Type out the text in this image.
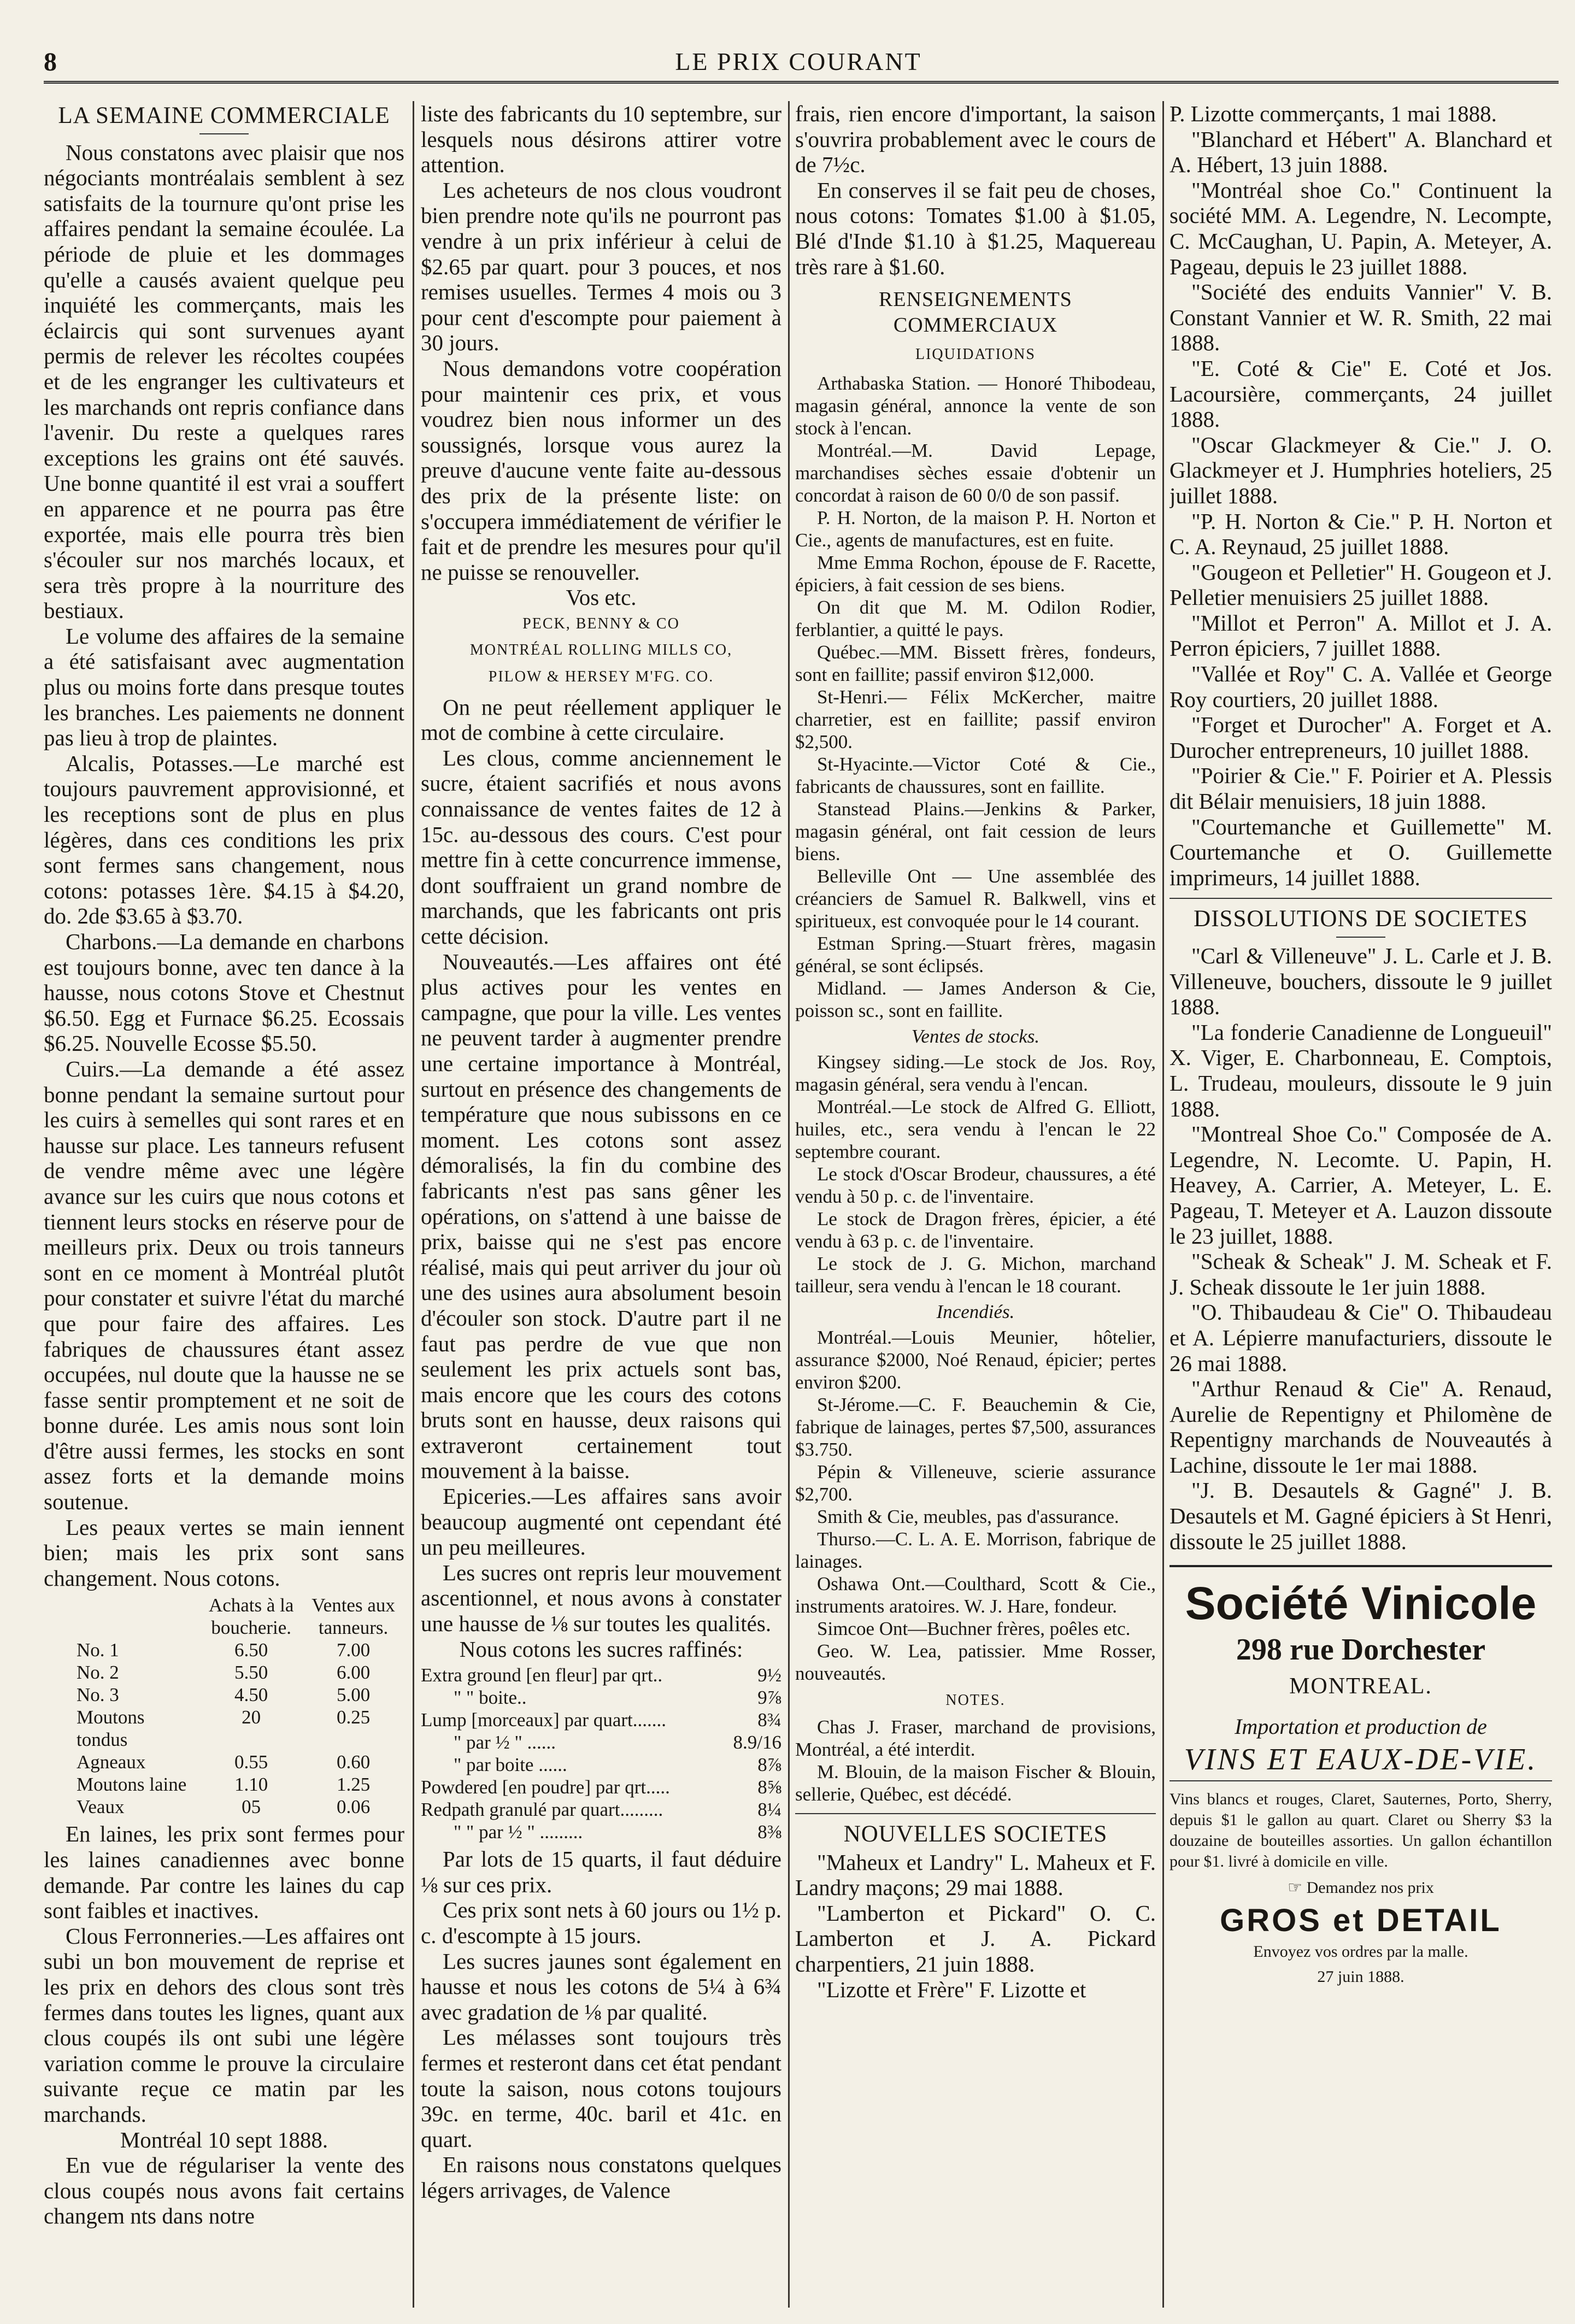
8	LE PRIX COURANT

LA SEMAINE COMMERCIALE

Nous constatons avec plaisir que nos négociants montréalais semblent à sez satisfaits de la tournure qu'ont prise les affaires pendant la semaine écoulée. La période de pluie et les dommages qu'elle a causés avaient quelque peu inquiété les commerçants, mais les éclaircis qui sont survenues ayant permis de relever les récoltes coupées et de les engranger les cultivateurs et les marchands ont repris confiance dans l'avenir. Du reste a quelques rares exceptions les grains ont été sauvés. Une bonne quantité il est vrai a souffert en apparence et ne pourra pas être exportée, mais elle pourra très bien s'écouler sur nos marchés locaux, et sera très propre à la nourriture des bestiaux.

Le volume des affaires de la semaine a été satisfaisant avec augmentation plus ou moins forte dans presque toutes les branches. Les paiements ne donnent pas lieu à trop de plaintes.

Alcalis, Potasses.—Le marché est toujours pauvrement approvisionné, et les receptions sont de plus en plus légères, dans ces conditions les prix sont fermes sans changement, nous cotons: potasses 1ère. $4.15 à $4.20, do. 2de $3.65 à $3.70.

Charbons.—La demande en charbons est toujours bonne, avec ten dance à la hausse, nous cotons Stove et Chestnut $6.50. Egg et Furnace $6.25. Ecossais $6.25. Nouvelle Ecosse $5.50.

Cuirs.—La demande a été assez bonne pendant la semaine surtout pour les cuirs à semelles qui sont rares et en hausse sur place. Les tanneurs refusent de vendre même avec une légère avance sur les cuirs que nous cotons et tiennent leurs stocks en réserve pour de meilleurs prix. Deux ou trois tanneurs sont en ce moment à Montréal plutôt pour constater et suivre l'état du marché que pour faire des affaires. Les fabriques de chaussures étant assez occupées, nul doute que la hausse ne se fasse sentir promptement et ne soit de bonne durée. Les amis nous sont loin d'être aussi fermes, les stocks en sont assez forts et la demande moins soutenue.

Les peaux vertes se main iennent bien; mais les prix sont sans changement. Nous cotons.

Achats à la boucherie.
Ventes aux tanneurs.
No. 1	6.50	7.00
No. 2	5.50	6.00
No. 3	4.50	5.00
Moutons tondus
20	0.25
Agneaux	0.55	0.60
Moutons laine	1.10	1.25
Veaux	05	0.06

En laines, les prix sont fermes pour les laines canadiennes avec bonne demande. Par contre les laines du cap sont faibles et inactives.

Clous Ferronneries.—Les affaires ont subi un bon mouvement de reprise et les prix en dehors des clous sont très fermes dans toutes les lignes, quant aux clous coupés ils ont subi une légère variation comme le prouve la circulaire suivante reçue ce matin par les marchands.

Montréal 10 sept 1888.

En vue de régulariser la vente des clous coupés nous avons fait certains changem nts dans notre

liste des fabricants du 10 septembre, sur lesquels nous désirons attirer votre attention.

Les acheteurs de nos clous voudront bien prendre note qu'ils ne pourront pas vendre à un prix inférieur à celui de $2.65 par quart. pour 3 pouces, et nos remises usuelles. Termes 4 mois ou 3 pour cent d'escompte pour paiement à 30 jours.

Nous demandons votre coopération pour maintenir ces prix, et vous voudrez bien nous informer un des soussignés, lorsque vous aurez la preuve d'aucune vente faite au-dessous des prix de la présente liste: on s'occupera immédiatement de vérifier le fait et de prendre les mesures pour qu'il ne puisse se renouveller.

Vos etc.

PECK, BENNY & CO

MONTRÉAL ROLLING MILLS CO,

PILOW & HERSEY M'FG. CO.

On ne peut réellement appliquer le mot de combine à cette circulaire.

Les clous, comme anciennement le sucre, étaient sacrifiés et nous avons connaissance de ventes faites de 12 à 15c. au-dessous des cours. C'est pour mettre fin à cette concurrence immense, dont souffraient un grand nombre de marchands, que les fabricants ont pris cette décision.

Nouveautés.—Les affaires ont été plus actives pour les ventes en campagne, que pour la ville. Les ventes ne peuvent tarder à augmenter prendre une certaine importance à Montréal, surtout en présence des changements de température que nous subissons en ce moment. Les cotons sont assez démoralisés, la fin du combine des fabricants n'est pas sans gêner les opérations, on s'attend à une baisse de prix, baisse qui ne s'est pas encore réalisé, mais qui peut arriver du jour où une des usines aura absolument besoin d'écouler son stock. D'autre part il ne faut pas perdre de vue que non seulement les prix actuels sont bas, mais encore que les cours des cotons bruts sont en hausse, deux raisons qui extraveront certainement tout mouvement à la baisse.

Epiceries.—Les affaires sans avoir beaucoup augmenté ont cependant été un peu meilleures.

Les sucres ont repris leur mouvement ascentionnel, et nous avons à constater une hausse de ⅛ sur toutes les qualités.

Nous cotons les sucres raffinés:

Extra ground [en fleur] par qrt..	9½
" " boite..	9⅞
Lump [morceaux] par quart.......	8¾
" par ½ " ......	8.9/16
" par boite ......	8⅞
Powdered [en poudre] par qrt.....	8⅝
Redpath granulé par quart.........	8¼
" " par ½ " .........	8⅜

Par lots de 15 quarts, il faut déduire ⅛ sur ces prix.

Ces prix sont nets à 60 jours ou 1½ p. c. d'escompte à 15 jours.

Les sucres jaunes sont également en hausse et nous les cotons de 5¼ à 6¾ avec gradation de ⅛ par qualité.

Les mélasses sont toujours très fermes et resteront dans cet état pendant toute la saison, nous cotons toujours 39c. en terme, 40c. baril et 41c. en quart.

En raisons nous constatons quelques légers arrivages, de Valence

frais, rien encore d'important, la saison s'ouvrira probablement avec le cours de de 7½c.

En conserves il se fait peu de choses, nous cotons: Tomates $1.00 à $1.05, Blé d'Inde $1.10 à $1.25, Maquereau très rare à $1.60.

RENSEIGNEMENTS COMMERCIAUX

LIQUIDATIONS

Arthabaska Station. — Honoré Thibodeau, magasin général, annonce la vente de son stock à l'encan.

Montréal.—M. David Lepage, marchandises sèches essaie d'obtenir un concordat à raison de 60 0/0 de son passif.

P. H. Norton, de la maison P. H. Norton et Cie., agents de manufactures, est en fuite.

Mme Emma Rochon, épouse de F. Racette, épiciers, à fait cession de ses biens.

On dit que M. M. Odilon Rodier, ferblantier, a quitté le pays.

Québec.—MM. Bissett frères, fondeurs, sont en faillite; passif environ $12,000.

St-Henri.— Félix McKercher, maitre charretier, est en faillite; passif environ $2,500.

St-Hyacinte.—Victor Coté & Cie., fabricants de chaussures, sont en faillite.

Stanstead Plains.—Jenkins & Parker, magasin général, ont fait cession de leurs biens.

Belleville Ont — Une assemblée des créanciers de Samuel R. Balkwell, vins et spiritueux, est convoquée pour le 14 courant.

Estman Spring.—Stuart frères, magasin général, se sont éclipsés.

Midland. — James Anderson & Cie, poisson sc., sont en faillite.

Ventes de stocks.

Kingsey siding.—Le stock de Jos. Roy, magasin général, sera vendu à l'encan.

Montréal.—Le stock de Alfred G. Elliott, huiles, etc., sera vendu à l'encan le 22 septembre courant.

Le stock d'Oscar Brodeur, chaussures, a été vendu à 50 p. c. de l'inventaire.

Le stock de Dragon frères, épicier, a été vendu à 63 p. c. de l'inventaire.

Le stock de J. G. Michon, marchand tailleur, sera vendu à l'encan le 18 courant.

Incendiés.

Montréal.—Louis Meunier, hôtelier, assurance $2000, Noé Renaud, épicier; pertes environ $200.

St-Jérome.—C. F. Beauchemin & Cie, fabrique de lainages, pertes $7,500, assurances $3.750.

Pépin & Villeneuve, scierie assurance $2,700.

Smith & Cie, meubles, pas d'assurance.

Thurso.—C. L. A. E. Morrison, fabrique de lainages.

Oshawa Ont.—Coulthard, Scott & Cie., instruments aratoires. W. J. Hare, fondeur.

Simcoe Ont—Buchner frères, poêles etc.

Geo. W. Lea, patissier. Mme Rosser, nouveautés.

NOTES.

Chas J. Fraser, marchand de provisions, Montréal, a été interdit.

M. Blouin, de la maison Fischer & Blouin, sellerie, Québec, est décédé.

NOUVELLES SOCIETES

"Maheux et Landry" L. Maheux et F. Landry maçons; 29 mai 1888.

"Lamberton et Pickard" O. C. Lamberton et J. A. Pickard charpentiers, 21 juin 1888.

"Lizotte et Frère" F. Lizotte et

P. Lizotte commerçants, 1 mai 1888.

"Blanchard et Hébert" A. Blanchard et A. Hébert, 13 juin 1888.

"Montréal shoe Co." Continuent la société MM. A. Legendre, N. Lecompte, C. McCaughan, U. Papin, A. Meteyer, A. Pageau, depuis le 23 juillet 1888.

"Société des enduits Vannier" V. B. Constant Vannier et W. R. Smith, 22 mai 1888.

"E. Coté & Cie" E. Coté et Jos. Lacoursière, commerçants, 24 juillet 1888.

"Oscar Glackmeyer & Cie." J. O. Glackmeyer et J. Humphries hoteliers, 25 juillet 1888.

"P. H. Norton & Cie." P. H. Norton et C. A. Reynaud, 25 juillet 1888.

"Gougeon et Pelletier" H. Gougeon et J. Pelletier menuisiers 25 juillet 1888.

"Millot et Perron" A. Millot et J. A. Perron épiciers, 7 juillet 1888.

"Vallée et Roy" C. A. Vallée et George Roy courtiers, 20 juillet 1888.

"Forget et Durocher" A. Forget et A. Durocher entrepreneurs, 10 juillet 1888.

"Poirier & Cie." F. Poirier et A. Plessis dit Bélair menuisiers, 18 juin 1888.

"Courtemanche et Guillemette" M. Courtemanche et O. Guillemette imprimeurs, 14 juillet 1888.

DISSOLUTIONS DE SOCIETES

"Carl & Villeneuve" J. L. Carle et J. B. Villeneuve, bouchers, dissoute le 9 juillet 1888.

"La fonderie Canadienne de Longueuil" X. Viger, E. Charbonneau, E. Comptois, L. Trudeau, mouleurs, dissoute le 9 juin 1888.

"Montreal Shoe Co." Composée de A. Legendre, N. Lecomte. U. Papin, H. Heavey, A. Carrier, A. Meteyer, L. E. Pageau, T. Meteyer et A. Lauzon dissoute le 23 juillet, 1888.

"Scheak & Scheak" J. M. Scheak et F. J. Scheak dissoute le 1er juin 1888.

"O. Thibaudeau & Cie" O. Thibaudeau et A. Lépierre manufacturiers, dissoute le 26 mai 1888.

"Arthur Renaud & Cie" A. Renaud, Aurelie de Repentigny et Philomène de Repentigny marchands de Nouveautés à Lachine, dissoute le 1er mai 1888.

"J. B. Desautels & Gagné" J. B. Desautels et M. Gagné épiciers à St Henri, dissoute le 25 juillet 1888.

Société Vinicole
298 rue Dorchester
MONTREAL.
Importation et production de
VINS ET EAUX-DE-VIE.
Vins blancs et rouges, Claret, Sauternes, Porto, Sherry, depuis $1 le gallon au quart. Claret ou Sherry $3 la douzaine de bouteilles assorties. Un gallon échantillon pour $1. livré à domicile en ville.
☞ Demandez nos prix
GROS et DETAIL
Envoyez vos ordres par la malle.
27 juin 1888.
